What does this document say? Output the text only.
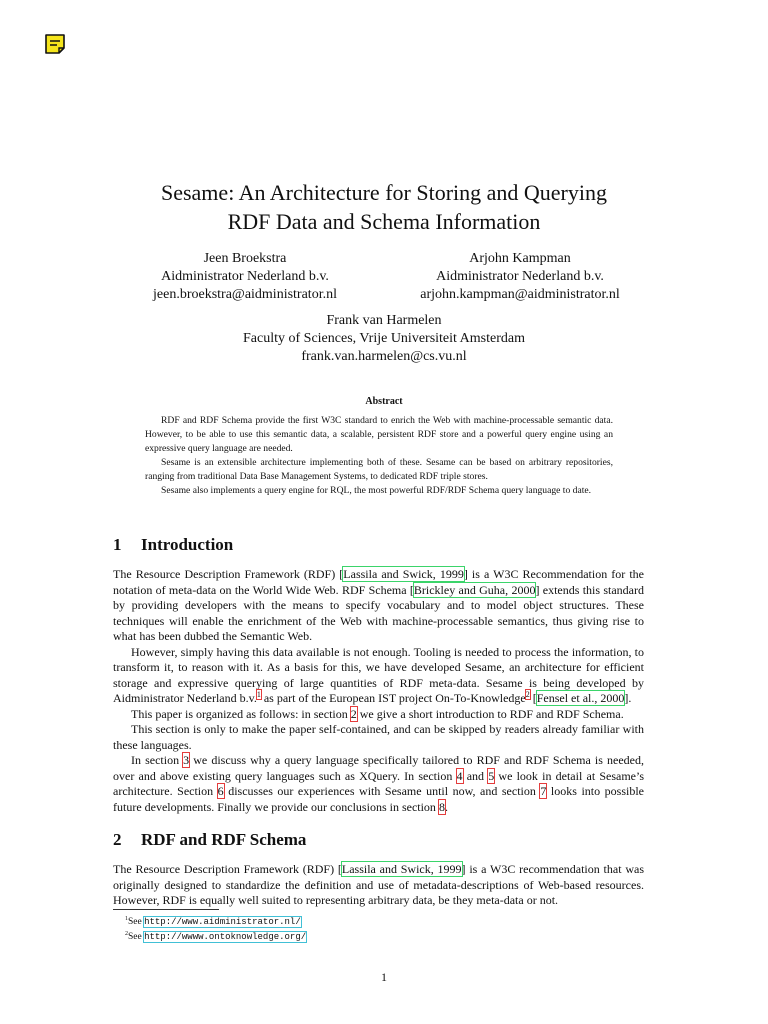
Sesame: An Architecture for Storing and Querying
RDF Data and Schema Information
Jeen Broekstra
Aidministrator Nederland b.v.
jeen.broekstra@aidministrator.nl
Arjohn Kampman
Aidministrator Nederland b.v.
arjohn.kampman@aidministrator.nl
Frank van Harmelen
Faculty of Sciences, Vrije Universiteit Amsterdam
frank.van.harmelen@cs.vu.nl
Abstract

RDF and RDF Schema provide the first W3C standard to enrich the Web with machine-processable semantic data. However, to be able to use this semantic data, a scalable, persistent RDF store and a powerful query engine using an expressive query language are needed.

Sesame is an extensible architecture implementing both of these. Sesame can be based on arbitrary repositories, ranging from traditional Data Base Management Systems, to dedicated RDF triple stores.

Sesame also implements a query engine for RQL, the most powerful RDF/RDF Schema query language to date.

1 Introduction

The Resource Description Framework (RDF) [Lassila and Swick, 1999] is a W3C Recommendation for the notation of meta-data on the World Wide Web. RDF Schema [Brickley and Guha, 2000] extends this standard by providing developers with the means to specify vocabulary and to model object structures. These techniques will enable the enrichment of the Web with machine-processable semantics, thus giving rise to what has been dubbed the Semantic Web.

However, simply having this data available is not enough. Tooling is needed to process the information, to transform it, to reason with it. As a basis for this, we have developed Sesame, an architecture for efficient storage and expressive querying of large quantities of RDF meta-data. Sesame is being developed by Aidministrator Nederland b.v.$^1$ as part of the European IST project On-To-Knowledge$^2$ [Fensel et al., 2000].

This paper is organized as follows: in section 2 we give a short introduction to RDF and RDF Schema.

This section is only to make the paper self-contained, and can be skipped by readers already familiar with these languages.

In section 3 we discuss why a query language specifically tailored to RDF and RDF Schema is needed, over and above existing query languages such as XQuery. In section 4 and 5 we look in detail at Sesame’s architecture. Section 6 discusses our experiences with Sesame until now, and section 7 looks into possible future developments. Finally we provide our conclusions in section 8.

2 RDF and RDF Schema

The Resource Description Framework (RDF) [Lassila and Swick, 1999] is a W3C recommendation that was originally designed to standardize the definition and use of metadata-descriptions of Web-based resources. However, RDF is equally well suited to representing arbitrary data, be they meta-data or not.

$^1$See http://www.aidministrator.nl/
$^2$See http://wwww.ontoknowledge.org/
1
